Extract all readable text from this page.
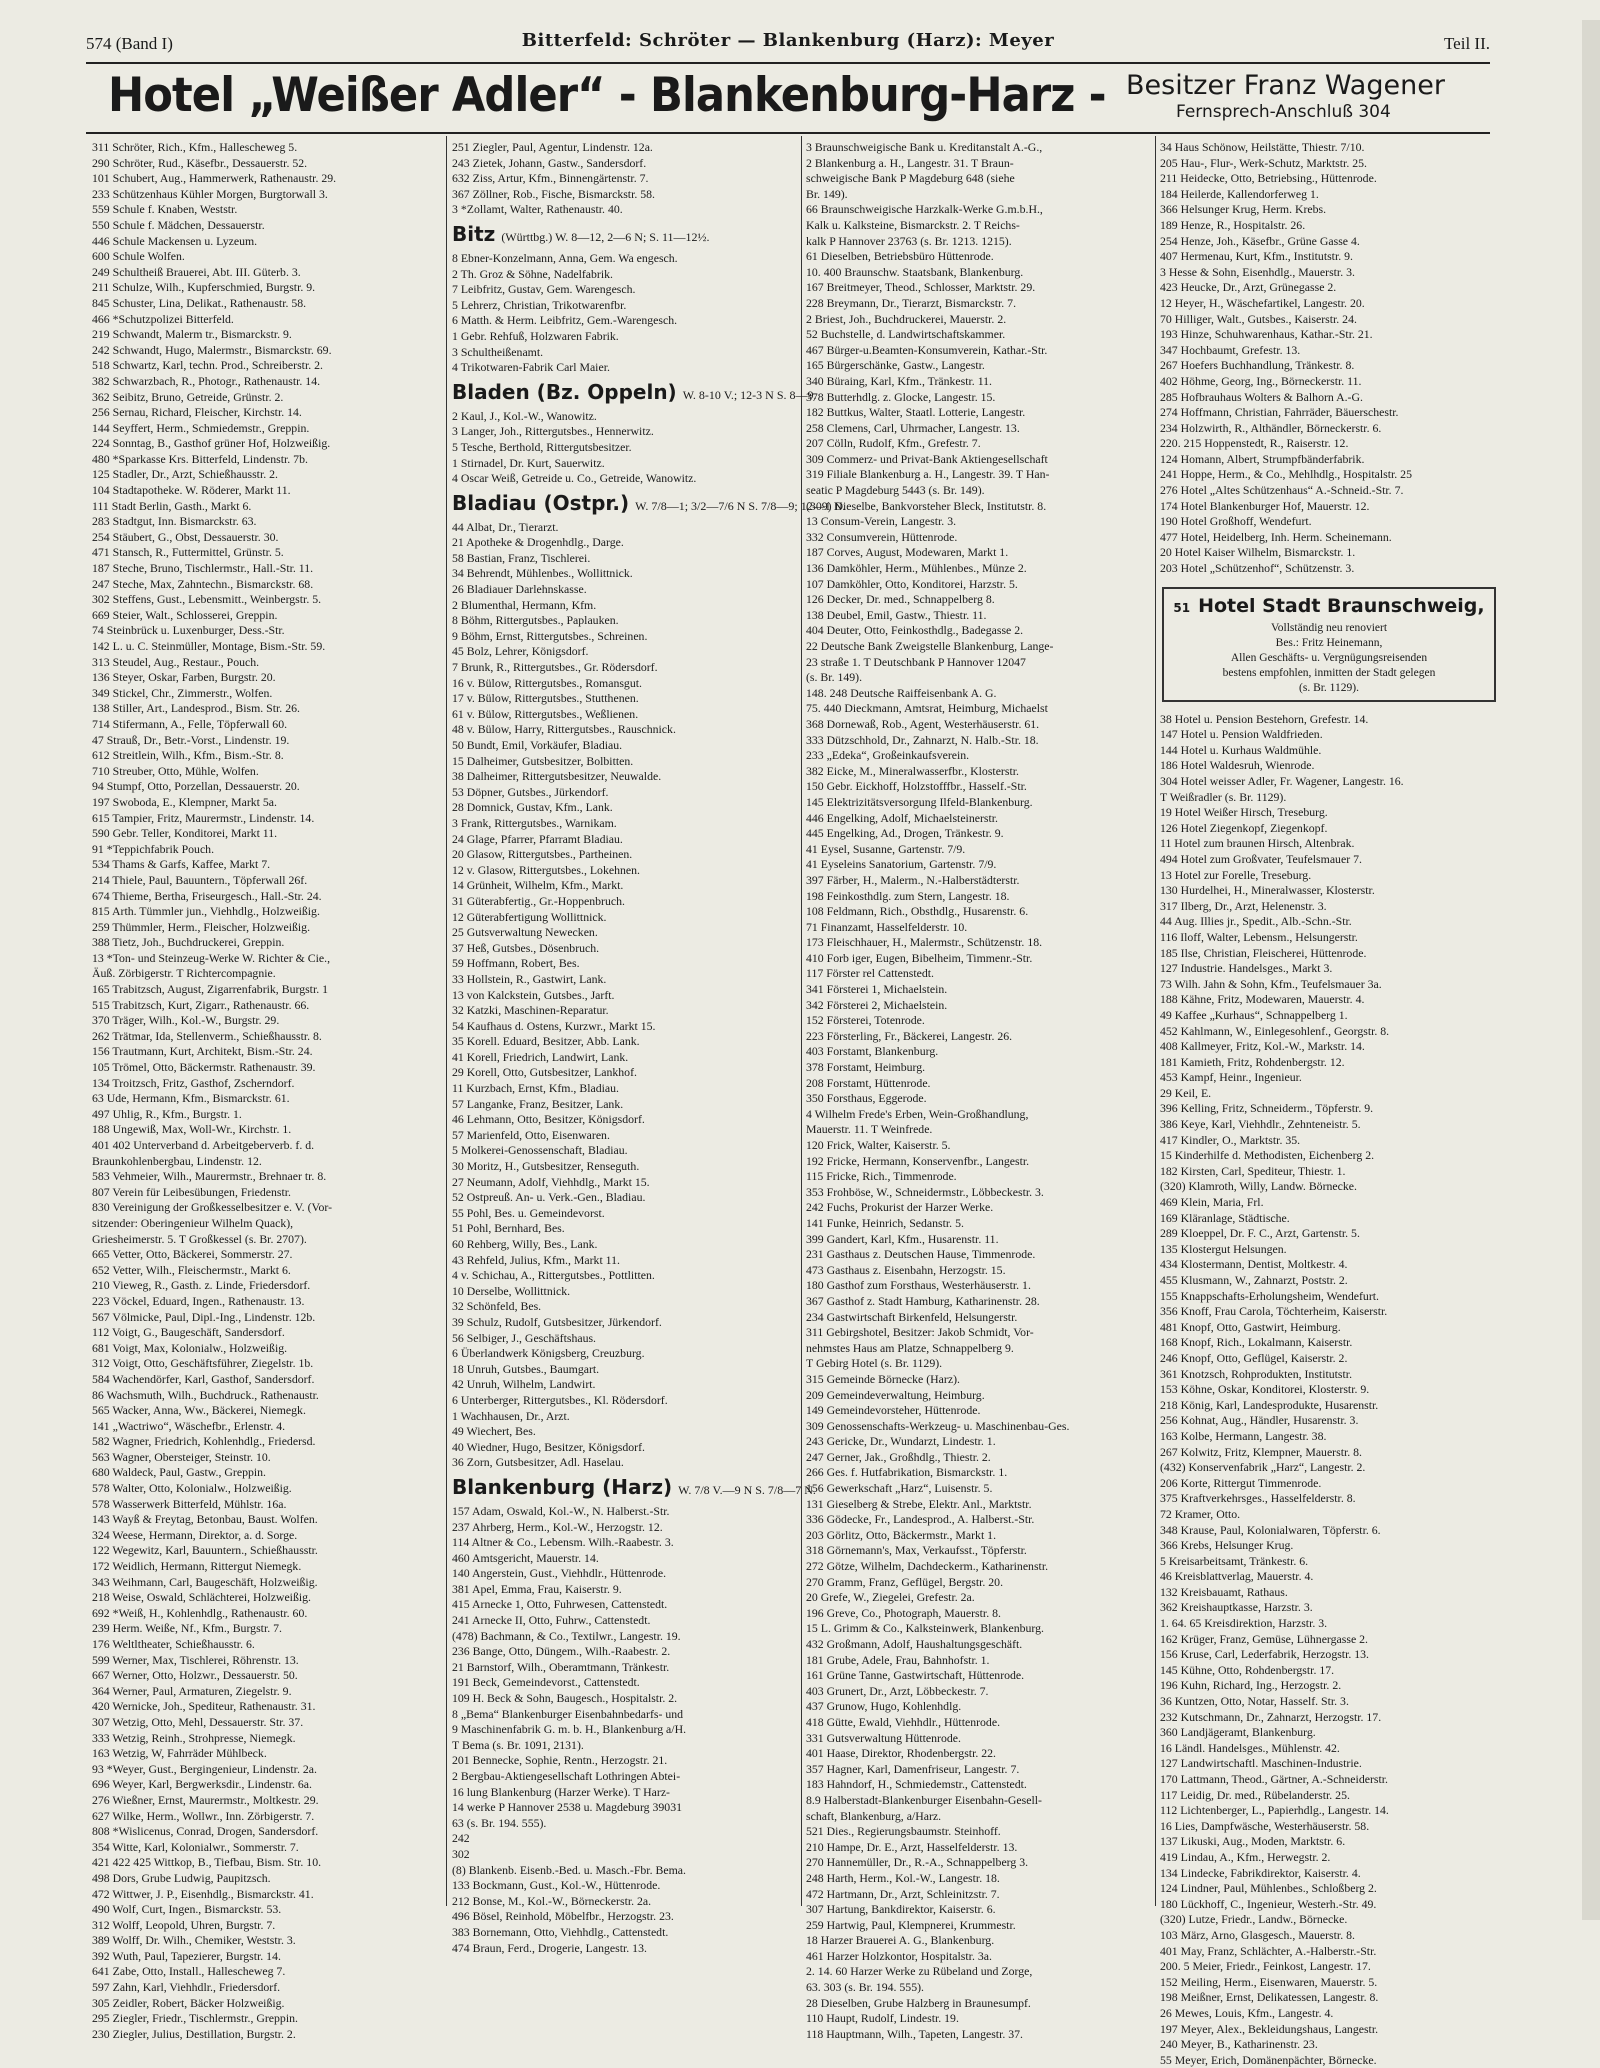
574 (Band I)	Bitterfeld: Schröter — Blankenburg (Harz): Meyer	Teil II.
Hotel „Weißer Adler“ - Blankenburg-Harz - Besitzer Franz Wagener
Fernsprech-Anschluß 304
311 Schröter, Rich., Kfm., Hallescheweg 5.
290 Schröter, Rud., Käsefbr., Dessauerstr. 52.
101 Schubert, Aug., Hammerwerk, Rathenaustr. 29.
233 Schützenhaus Kühler Morgen, Burgtorwall 3.
559 Schule f. Knaben, Weststr.
550 Schule f. Mädchen, Dessauerstr.
446 Schule Mackensen u. Lyzeum.
600 Schule Wolfen.
249 Schultheiß Brauerei, Abt. III. Güterb. 3.
211 Schulze, Wilh., Kupferschmied, Burgstr. 9.
845 Schuster, Lina, Delikat., Rathenaustr. 58.
466 *Schutzpolizei Bitterfeld.
219 Schwandt, Malerm tr., Bismarckstr. 9.
242 Schwandt, Hugo, Malermstr., Bismarckstr. 69.
518 Schwartz, Karl, techn. Prod., Schreiberstr. 2.
382 Schwarzbach, R., Photogr., Rathenaustr. 14.
362 Seibitz, Bruno, Getreide, Grünstr. 2.
256 Sernau, Richard, Fleischer, Kirchstr. 14.
144 Seyffert, Herm., Schmiedemstr., Greppin.
224 Sonntag, B., Gasthof grüner Hof, Holzweißig.
480 *Sparkasse Krs. Bitterfeld, Lindenstr. 7b.
125 Stadler, Dr., Arzt, Schießhausstr. 2.
104 Stadtapotheke. W. Röderer, Markt 11.
111 Stadt Berlin, Gasth., Markt 6.
283 Stadtgut, Inn. Bismarckstr. 63.
254 Stäubert, G., Obst, Dessauerstr. 30.
471 Stansch, R., Futtermittel, Grünstr. 5.
187 Steche, Bruno, Tischlermstr., Hall.-Str. 11.
247 Steche, Max, Zahntechn., Bismarckstr. 68.
302 Steffens, Gust., Lebensmitt., Weinbergstr. 5.
669 Steier, Walt., Schlosserei, Greppin.
74 Steinbrück u. Luxenburger, Dess.-Str.
142 L. u. C. Steinmüller, Montage, Bism.-Str. 59.
313 Steudel, Aug., Restaur., Pouch.
136 Steyer, Oskar, Farben, Burgstr. 20.
349 Stickel, Chr., Zimmerstr., Wolfen.
138 Stiller, Art., Landesprod., Bism. Str. 26.
714 Stifermann, A., Felle, Töpferwall 60.
47 Strauß, Dr., Betr.-Vorst., Lindenstr. 19.
612 Streitlein, Wilh., Kfm., Bism.-Str. 8.
710 Streuber, Otto, Mühle, Wolfen.
94 Stumpf, Otto, Porzellan, Dessauerstr. 20.
197 Swoboda, E., Klempner, Markt 5a.
615 Tampier, Fritz, Maurermstr., Lindenstr. 14.
590 Gebr. Teller, Konditorei, Markt 11.
91 *Teppichfabrik Pouch.
534 Thams & Garfs, Kaffee, Markt 7.
214 Thiele, Paul, Bauuntern., Töpferwall 26f.
674 Thieme, Bertha, Friseurgesch., Hall.-Str. 24.
815 Arth. Tümmler jun., Viehhdlg., Holzweißig.
259 Thümmler, Herm., Fleischer, Holzweißig.
388 Tietz, Joh., Buchdruckerei, Greppin.
13 *Ton- und Steinzeug-Werke W. Richter & Cie.,
Äuß. Zörbigerstr. T Richtercompagnie.
165 Trabitzsch, August, Zigarrenfabrik, Burgstr. 1
515 Trabitzsch, Kurt, Zigarr., Rathenaustr. 66.
370 Träger, Wilh., Kol.-W., Burgstr. 29.
262 Trätmar, Ida, Stellenverm., Schießhausstr. 8.
156 Trautmann, Kurt, Architekt, Bism.-Str. 24.
105 Trömel, Otto, Bäckermstr. Rathenaustr. 39.
134 Troitzsch, Fritz, Gasthof, Zscherndorf.
63 Ude, Hermann, Kfm., Bismarckstr. 61.
497 Uhlig, R., Kfm., Burgstr. 1.
188 Ungewiß, Max, Woll-Wr., Kirchstr. 1.
401 402 Unterverband d. Arbeitgeberverb. f. d.
Braunkohlenbergbau, Lindenstr. 12.
583 Vehmeier, Wilh., Maurermstr., Brehnaer tr. 8.
807 Verein für Leibesübungen, Friedenstr.
830 Vereinigung der Großkesselbesitzer e. V. (Vor-
sitzender: Oberingenieur Wilhelm Quack),
Griesheimerstr. 5. T Großkessel (s. Br. 2707).
665 Vetter, Otto, Bäckerei, Sommerstr. 27.
652 Vetter, Wilh., Fleischermstr., Markt 6.
210 Vieweg, R., Gasth. z. Linde, Friedersdorf.
223 Vöckel, Eduard, Ingen., Rathenaustr. 13.
567 Völmicke, Paul, Dipl.-Ing., Lindenstr. 12b.
112 Voigt, G., Baugeschäft, Sandersdorf.
681 Voigt, Max, Kolonialw., Holzweißig.
312 Voigt, Otto, Geschäftsführer, Ziegelstr. 1b.
584 Wachendörfer, Karl, Gasthof, Sandersdorf.
86 Wachsmuth, Wilh., Buchdruck., Rathenaustr.
565 Wacker, Anna, Ww., Bäckerei, Niemegk.
141 „Wactriwo“, Wäschefbr., Erlenstr. 4.
582 Wagner, Friedrich, Kohlenhdlg., Friedersd.
563 Wagner, Obersteiger, Steinstr. 10.
680 Waldeck, Paul, Gastw., Greppin.
578 Walter, Otto, Kolonialw., Holzweißig.
578 Wasserwerk Bitterfeld, Mühlstr. 16a.
143 Wayß & Freytag, Betonbau, Baust. Wolfen.
324 Weese, Hermann, Direktor, a. d. Sorge.
122 Wegewitz, Karl, Bauuntern., Schießhausstr.
172 Weidlich, Hermann, Rittergut Niemegk.
343 Weihmann, Carl, Baugeschäft, Holzweißig.
218 Weise, Oswald, Schlächterei, Holzweißig.
692 *Weiß, H., Kohlenhdlg., Rathenaustr. 60.
239 Herm. Weiße, Nf., Kfm., Burgstr. 7.
176 Weltltheater, Schießhausstr. 6.
599 Werner, Max, Tischlerei, Röhrenstr. 13.
667 Werner, Otto, Holzwr., Dessauerstr. 50.
364 Werner, Paul, Armaturen, Ziegelstr. 9.
420 Wernicke, Joh., Spediteur, Rathenaustr. 31.
307 Wetzig, Otto, Mehl, Dessauerstr. Str. 37.
333 Wetzig, Reinh., Strohpresse, Niemegk.
163 Wetzig, W, Fahrräder Mühlbeck.
93 *Weyer, Gust., Bergingenieur, Lindenstr. 2a.
696 Weyer, Karl, Bergwerksdir., Lindenstr. 6a.
276 Wießner, Ernst, Maurermstr., Moltkestr. 29.
627 Wilke, Herm., Wollwr., Inn. Zörbigerstr. 7.
808 *Wislicenus, Conrad, Drogen, Sandersdorf.
354 Witte, Karl, Kolonialwr., Sommerstr. 7.
421 422 425 Wittkop, B., Tiefbau, Bism. Str. 10.
498 Dors, Grube Ludwig, Paupitzsch.
472 Wittwer, J. P., Eisenhdlg., Bismarckstr. 41.
490 Wolf, Curt, Ingen., Bismarckstr. 53.
312 Wolff, Leopold, Uhren, Burgstr. 7.
389 Wolff, Dr. Wilh., Chemiker, Weststr. 3.
392 Wuth, Paul, Tapezierer, Burgstr. 14.
641 Zabe, Otto, Install., Hallescheweg 7.
597 Zahn, Karl, Viehhdlr., Friedersdorf.
305 Zeidler, Robert, Bäcker Holzweißig.
295 Ziegler, Friedr., Tischlermstr., Greppin.
230 Ziegler, Julius, Destillation, Burgstr. 2.
251 Ziegler, Paul, Agentur, Lindenstr. 12a.
243 Zietek, Johann, Gastw., Sandersdorf.
632 Ziss, Artur, Kfm., Binnengärtenstr. 7.
367 Zöllner, Rob., Fische, Bismarckstr. 58.
3 *Zollamt, Walter, Rathenaustr. 40.
Bitz (Württbg.) W. 8—12, 2—6 N; S. 11—12½.
8 Ebner-Konzelmann, Anna, Gem. Wa engesch.
2 Th. Groz & Söhne, Nadelfabrik.
7 Leibfritz, Gustav, Gem. Warengesch.
5 Lehrerz, Christian, Trikotwarenfbr.
6 Matth. & Herm. Leibfritz, Gem.-Warengesch.
1 Gebr. Rehfuß, Holzwaren Fabrik.
3 Schultheißenamt.
4 Trikotwaren-Fabrik Carl Maier.
Bladen (Bz. Oppeln) W. 8-10 V.; 12-3 N S. 8—9.
2 Kaul, J., Kol.-W., Wanowitz.
3 Langer, Joh., Rittergutsbes., Hennerwitz.
5 Tesche, Berthold, Rittergutsbesitzer.
1 Stirnadel, Dr. Kurt, Sauerwitz.
4 Oscar Weiß, Getreide u. Co., Getreide, Wanowitz.
Bladiau (Ostpr.) W. 7/8—1; 3/2—7/6 N S. 7/8—9; 12—1 N.
44 Albat, Dr., Tierarzt.
21 Apotheke & Drogenhdlg., Darge.
58 Bastian, Franz, Tischlerei.
34 Behrendt, Mühlenbes., Wollittnick.
26 Bladiauer Darlehnskasse.
2 Blumenthal, Hermann, Kfm.
8 Böhm, Rittergutsbes., Paplauken.
9 Böhm, Ernst, Rittergutsbes., Schreinen.
45 Bolz, Lehrer, Königsdorf.
7 Brunk, R., Rittergutsbes., Gr. Rödersdorf.
16 v. Bülow, Rittergutsbes., Romansgut.
17 v. Bülow, Rittergutsbes., Stutthenen.
61 v. Bülow, Rittergutsbes., Weßlienen.
48 v. Bülow, Harry, Rittergutsbes., Rauschnick.
50 Bundt, Emil, Vorkäufer, Bladiau.
15 Dalheimer, Gutsbesitzer, Bolbitten.
38 Dalheimer, Rittergutsbesitzer, Neuwalde.
53 Döpner, Gutsbes., Jürkendorf.
28 Domnick, Gustav, Kfm., Lank.
3 Frank, Rittergutsbes., Warnikam.
24 Glage, Pfarrer, Pfarramt Bladiau.
20 Glasow, Rittergutsbes., Partheinen.
12 v. Glasow, Rittergutsbes., Lokehnen.
14 Grünheit, Wilhelm, Kfm., Markt.
31 Güterabfertig., Gr.-Hoppenbruch.
12 Güterabfertigung Wollittnick.
25 Gutsverwaltung Newecken.
37 Heß, Gutsbes., Dösenbruch.
59 Hoffmann, Robert, Bes.
33 Hollstein, R., Gastwirt, Lank.
13 von Kalckstein, Gutsbes., Jarft.
32 Katzki, Maschinen-Reparatur.
54 Kaufhaus d. Ostens, Kurzwr., Markt 15.
35 Korell. Eduard, Besitzer, Abb. Lank.
41 Korell, Friedrich, Landwirt, Lank.
29 Korell, Otto, Gutsbesitzer, Lankhof.
11 Kurzbach, Ernst, Kfm., Bladiau.
57 Langanke, Franz, Besitzer, Lank.
46 Lehmann, Otto, Besitzer, Königsdorf.
57 Marienfeld, Otto, Eisenwaren.
5 Molkerei-Genossenschaft, Bladiau.
30 Moritz, H., Gutsbesitzer, Renseguth.
27 Neumann, Adolf, Viehhdlg., Markt 15.
52 Ostpreuß. An- u. Verk.-Gen., Bladiau.
55 Pohl, Bes. u. Gemeindevorst.
51 Pohl, Bernhard, Bes.
60 Rehberg, Willy, Bes., Lank.
43 Rehfeld, Julius, Kfm., Markt 11.
4 v. Schichau, A., Rittergutsbes., Pottlitten.
10 Derselbe, Wollittnick.
32 Schönfeld, Bes.
39 Schulz, Rudolf, Gutsbesitzer, Jürkendorf.
56 Selbiger, J., Geschäftshaus.
6 Überlandwerk Königsberg, Creuzburg.
18 Unruh, Gutsbes., Baumgart.
42 Unruh, Wilhelm, Landwirt.
6 Unterberger, Rittergutsbes., Kl. Rödersdorf.
1 Wachhausen, Dr., Arzt.
49 Wiechert, Bes.
40 Wiedner, Hugo, Besitzer, Königsdorf.
36 Zorn, Gutsbesitzer, Adl. Haselau.
Blankenburg (Harz) W. 7/8 V.—9 N S. 7/8—7 N.
157 Adam, Oswald, Kol.-W., N. Halberst.-Str.
237 Ahrberg, Herm., Kol.-W., Herzogstr. 12.
114 Altner & Co., Lebensm. Wilh.-Raabestr. 3.
460 Amtsgericht, Mauerstr. 14.
140 Angerstein, Gust., Viehhdlr., Hüttenrode.
381 Apel, Emma, Frau, Kaiserstr. 9.
415 Arnecke 1, Otto, Fuhrwesen, Cattenstedt.
241 Arnecke II, Otto, Fuhrw., Cattenstedt.
(478) Bachmann, & Co., Textilwr., Langestr. 19.
236 Bange, Otto, Düngem., Wilh.-Raabestr. 2.
21 Barnstorf, Wilh., Oberamtmann, Tränkestr.
191 Beck, Gemeindevorst., Cattenstedt.
109 H. Beck & Sohn, Baugesch., Hospitalstr. 2.
8 „Bema“ Blankenburger Eisenbahnbedarfs- und
9 Maschinenfabrik G. m. b. H., Blankenburg a/H.
T Bema (s. Br. 1091, 2131).
201 Bennecke, Sophie, Rentn., Herzogstr. 21.
2 Bergbau-Aktiengesellschaft Lothringen Abtei-
16 lung Blankenburg (Harzer Werke). T Harz-
14 werke P Hannover 2538 u. Magdeburg 39031
63 (s. Br. 194. 555).
242
302
(8) Blankenb. Eisenb.-Bed. u. Masch.-Fbr. Bema.
133 Bockmann, Gust., Kol.-W., Hüttenrode.
212 Bonse, M., Kol.-W., Börneckerstr. 2a.
496 Bösel, Reinhold, Möbelfbr., Herzogstr. 23.
383 Bornemann, Otto, Viehhdlg., Cattenstedt.
474 Braun, Ferd., Drogerie, Langestr. 13.
3 Braunschweigische Bank u. Kreditanstalt A.-G.,
2 Blankenburg a. H., Langestr. 31. T Braun-
schweigische Bank P Magdeburg 648 (siehe
Br. 149).
66 Braunschweigische Harzkalk-Werke G.m.b.H.,
Kalk u. Kalksteine, Bismarckstr. 2. T Reichs-
kalk P Hannover 23763 (s. Br. 1213. 1215).
61 Dieselben, Betriebsbüro Hüttenrode.
10. 400 Braunschw. Staatsbank, Blankenburg.
167 Breitmeyer, Theod., Schlosser, Marktstr. 29.
228 Breymann, Dr., Tierarzt, Bismarckstr. 7.
2 Briest, Joh., Buchdruckerei, Mauerstr. 2.
52 Buchstelle, d. Landwirtschaftskammer.
467 Bürger-u.Beamten-Konsumverein, Kathar.-Str.
165 Bürgerschänke, Gastw., Langestr.
340 Büraing, Karl, Kfm., Tränkestr. 11.
378 Butterhdlg. z. Glocke, Langestr. 15.
182 Buttkus, Walter, Staatl. Lotterie, Langestr.
258 Clemens, Carl, Uhrmacher, Langestr. 13.
207 Cölln, Rudolf, Kfm., Grefestr. 7.
309 Commerz- und Privat-Bank Aktiengesellschaft
319 Filiale Blankenburg a. H., Langestr. 39. T Han-
seatic P Magdeburg 5443 (s. Br. 149).
(309) Dieselbe, Bankvorsteher Bleck, Institutstr. 8.
13 Consum-Verein, Langestr. 3.
332 Consumverein, Hüttenrode.
187 Corves, August, Modewaren, Markt 1.
136 Damköhler, Herm., Mühlenbes., Münze 2.
107 Damköhler, Otto, Konditorei, Harzstr. 5.
126 Decker, Dr. med., Schnappelberg 8.
138 Deubel, Emil, Gastw., Thiestr. 11.
404 Deuter, Otto, Feinkosthdlg., Badegasse 2.
22 Deutsche Bank Zweigstelle Blankenburg, Lange-
23 straße 1. T Deutschbank P Hannover 12047
(s. Br. 149).
148. 248 Deutsche Raiffeisenbank A. G.
75. 440 Dieckmann, Amtsrat, Heimburg, Michaelst
368 Dornewaß, Rob., Agent, Westerhäuserstr. 61.
333 Dützschhold, Dr., Zahnarzt, N. Halb.-Str. 18.
233 „Edeka“, Großeinkaufsverein.
382 Eicke, M., Mineralwasserfbr., Klosterstr.
150 Gebr. Eickhoff, Holzstofffbr., Hasself.-Str.
145 Elektrizitätsversorgung Ilfeld-Blankenburg.
446 Engelking, Adolf, Michaelsteinerstr.
445 Engelking, Ad., Drogen, Tränkestr. 9.
41 Eysel, Susanne, Gartenstr. 7/9.
41 Eyseleins Sanatorium, Gartenstr. 7/9.
397 Färber, H., Malerm., N.-Halberstädterstr.
198 Feinkosthdlg. zum Stern, Langestr. 18.
108 Feldmann, Rich., Obsthdlg., Husarenstr. 6.
71 Finanzamt, Hasselfelderstr. 10.
173 Fleischhauer, H., Malermstr., Schützenstr. 18.
410 Forb iger, Eugen, Bibelheim, Timmenr.-Str.
117 Förster rel Cattenstedt.
341 Försterei 1, Michaelstein.
342 Försterei 2, Michaelstein.
152 Försterei, Totenrode.
223 Försterling, Fr., Bäckerei, Langestr. 26.
403 Forstamt, Blankenburg.
378 Forstamt, Heimburg.
208 Forstamt, Hüttenrode.
350 Forsthaus, Eggerode.
4 Wilhelm Frede's Erben, Wein-Großhandlung,
Mauerstr. 11. T Weinfrede.
120 Frick, Walter, Kaiserstr. 5.
192 Fricke, Hermann, Konservenfbr., Langestr.
115 Fricke, Rich., Timmenrode.
353 Frohböse, W., Schneidermstr., Löbbeckestr. 3.
242 Fuchs, Prokurist der Harzer Werke.
141 Funke, Heinrich, Sedanstr. 5.
399 Gandert, Karl, Kfm., Husarenstr. 11.
231 Gasthaus z. Deutschen Hause, Timmenrode.
473 Gasthaus z. Eisenbahn, Herzogstr. 15.
180 Gasthof zum Forsthaus, Westerhäuserstr. 1.
367 Gasthof z. Stadt Hamburg, Katharinenstr. 28.
234 Gastwirtschaft Birkenfeld, Helsungerstr.
311 Gebirgshotel, Besitzer: Jakob Schmidt, Vor-
nehmstes Haus am Platze, Schnappelberg 9.
T Gebirg Hotel (s. Br. 1129).
315 Gemeinde Börnecke (Harz).
209 Gemeindeverwaltung, Heimburg.
149 Gemeindevorsteher, Hüttenrode.
309 Genossenschafts-Werkzeug- u. Maschinenbau-Ges.
243 Gericke, Dr., Wundarzt, Lindestr. 1.
247 Gerner, Jak., Großhdlg., Thiestr. 2.
266 Ges. f. Hutfabrikation, Bismarckstr. 1.
156 Gewerkschaft „Harz“, Luisenstr. 5.
131 Gieselberg & Strebe, Elektr. Anl., Marktstr.
336 Gödecke, Fr., Landesprod., A. Halberst.-Str.
203 Görlitz, Otto, Bäckermstr., Markt 1.
318 Görnemann's, Max, Verkaufsst., Töpferstr.
272 Götze, Wilhelm, Dachdeckerm., Katharinenstr.
270 Gramm, Franz, Geflügel, Bergstr. 20.
20 Grefe, W., Ziegelei, Grefestr. 2a.
196 Greve, Co., Photograph, Mauerstr. 8.
15 L. Grimm & Co., Kalksteinwerk, Blankenburg.
432 Großmann, Adolf, Haushaltungsgeschäft.
181 Grube, Adele, Frau, Bahnhofstr. 1.
161 Grüne Tanne, Gastwirtschaft, Hüttenrode.
403 Grunert, Dr., Arzt, Löbbeckestr. 7.
437 Grunow, Hugo, Kohlenhdlg.
418 Gütte, Ewald, Viehhdlr., Hüttenrode.
331 Gutsverwaltung Hüttenrode.
401 Haase, Direktor, Rhodenbergstr. 22.
357 Hagner, Karl, Damenfriseur, Langestr. 7.
183 Hahndorf, H., Schmiedemstr., Cattenstedt.
8.9 Halberstadt-Blankenburger Eisenbahn-Gesell-
schaft, Blankenburg, a/Harz.
521 Dies., Regierungsbaumstr. Steinhoff.
210 Hampe, Dr. E., Arzt, Hasselfelderstr. 13.
270 Hannemüller, Dr., R.-A., Schnappelberg 3.
248 Harth, Herm., Kol.-W., Langestr. 18.
472 Hartmann, Dr., Arzt, Schleinitzstr. 7.
307 Hartung, Bankdirektor, Kaiserstr. 6.
259 Hartwig, Paul, Klempnerei, Krummestr.
18 Harzer Brauerei A. G., Blankenburg.
461 Harzer Holzkontor, Hospitalstr. 3a.
2. 14. 60 Harzer Werke zu Rübeland und Zorge,
63. 303 (s. Br. 194. 555).
28 Dieselben, Grube Halzberg in Braunesumpf.
110 Haupt, Rudolf, Lindestr. 19.
118 Hauptmann, Wilh., Tapeten, Langestr. 37.
34 Haus Schönow, Heilstätte, Thiestr. 7/10.
205 Hau-, Flur-, Werk-Schutz, Marktstr. 25.
211 Heidecke, Otto, Betriebsing., Hüttenrode.
184 Heilerde, Kallendorferweg 1.
366 Helsunger Krug, Herm. Krebs.
189 Henze, R., Hospitalstr. 26.
254 Henze, Joh., Käsefbr., Grüne Gasse 4.
407 Hermenau, Kurt, Kfm., Institutstr. 9.
3 Hesse & Sohn, Eisenhdlg., Mauerstr. 3.
423 Heucke, Dr., Arzt, Grünegasse 2.
12 Heyer, H., Wäschefartikel, Langestr. 20.
70 Hilliger, Walt., Gutsbes., Kaiserstr. 24.
193 Hinze, Schuhwarenhaus, Kathar.-Str. 21.
347 Hochbaumt, Grefestr. 13.
267 Hoefers Buchhandlung, Tränkestr. 8.
402 Höhme, Georg, Ing., Börneckerstr. 11.
285 Hofbrauhaus Wolters & Balhorn A.-G.
274 Hoffmann, Christian, Fahrräder, Bäuerschestr.
234 Holzwirth, R., Althändler, Börneckerstr. 6.
220. 215 Hoppenstedt, R., Raiserstr. 12.
124 Homann, Albert, Strumpfbänderfabrik.
241 Hoppe, Herm., & Co., Mehlhdlg., Hospitalstr. 25
276 Hotel „Altes Schützenhaus“ A.-Schneid.-Str. 7.
174 Hotel Blankenburger Hof, Mauerstr. 12.
190 Hotel Großhoff, Wendefurt.
477 Hotel, Heidelberg, Inh. Herm. Scheinemann.
20 Hotel Kaiser Wilhelm, Bismarckstr. 1.
203 Hotel „Schützenhof“, Schützenstr. 3.
51 Hotel Stadt Braunschweig,
Vollständig neu renoviert
Bes.: Fritz Heinemann,
Allen Geschäfts- u. Vergnügungsreisenden
bestens empfohlen, inmitten der Stadt gelegen
(s. Br. 1129).
38 Hotel u. Pension Bestehorn, Grefestr. 14.
147 Hotel u. Pension Waldfrieden.
144 Hotel u. Kurhaus Waldmühle.
186 Hotel Waldesruh, Wienrode.
304 Hotel weisser Adler, Fr. Wagener, Langestr. 16.
T Weißradler (s. Br. 1129).
19 Hotel Weißer Hirsch, Treseburg.
126 Hotel Ziegenkopf, Ziegenkopf.
11 Hotel zum braunen Hirsch, Altenbrak.
494 Hotel zum Großvater, Teufelsmauer 7.
13 Hotel zur Forelle, Treseburg.
130 Hurdelhei, H., Mineralwasser, Klosterstr.
317 Ilberg, Dr., Arzt, Helenenstr. 3.
44 Aug. Illies jr., Spedit., Alb.-Schn.-Str.
116 Iloff, Walter, Lebensm., Helsungerstr.
185 Ilse, Christian, Fleischerei, Hüttenrode.
127 Industrie. Handelsges., Markt 3.
73 Wilh. Jahn & Sohn, Kfm., Teufelsmauer 3a.
188 Kähne, Fritz, Modewaren, Mauerstr. 4.
49 Kaffee „Kurhaus“, Schnappelberg 1.
452 Kahlmann, W., Einlegesohlenf., Georgstr. 8.
408 Kallmeyer, Fritz, Kol.-W., Markstr. 14.
181 Kamieth, Fritz, Rohdenbergstr. 12.
453 Kampf, Heinr., Ingenieur.
29 Keil, E.
396 Kelling, Fritz, Schneiderm., Töpferstr. 9.
386 Keye, Karl, Viehhdlr., Zehnteneistr. 5.
417 Kindler, O., Marktstr. 35.
15 Kinderhilfe d. Methodisten, Eichenberg 2.
182 Kirsten, Carl, Spediteur, Thiestr. 1.
(320) Klamroth, Willy, Landw. Börnecke.
469 Klein, Maria, Frl.
169 Kläranlage, Städtische.
289 Kloeppel, Dr. F. C., Arzt, Gartenstr. 5.
135 Klostergut Helsungen.
434 Klostermann, Dentist, Moltkestr. 4.
455 Klusmann, W., Zahnarzt, Poststr. 2.
155 Knappschafts-Erholungsheim, Wendefurt.
356 Knoff, Frau Carola, Töchterheim, Kaiserstr.
481 Knopf, Otto, Gastwirt, Heimburg.
168 Knopf, Rich., Lokalmann, Kaiserstr.
246 Knopf, Otto, Geflügel, Kaiserstr. 2.
361 Knotzsch, Rohprodukten, Institutstr.
153 Köhne, Oskar, Konditorei, Klosterstr. 9.
218 König, Karl, Landesprodukte, Husarenstr.
256 Kohnat, Aug., Händler, Husarenstr. 3.
163 Kolbe, Hermann, Langestr. 38.
267 Kolwitz, Fritz, Klempner, Mauerstr. 8.
(432) Konservenfabrik „Harz“, Langestr. 2.
206 Korte, Rittergut Timmenrode.
375 Kraftverkehrsges., Hasselfelderstr. 8.
72 Kramer, Otto.
348 Krause, Paul, Kolonialwaren, Töpferstr. 6.
366 Krebs, Helsunger Krug.
5 Kreisarbeitsamt, Tränkestr. 6.
46 Kreisblattverlag, Mauerstr. 4.
132 Kreisbauamt, Rathaus.
362 Kreishauptkasse, Harzstr. 3.
1. 64. 65 Kreisdirektion, Harzstr. 3.
162 Krüger, Franz, Gemüse, Lühnergasse 2.
156 Kruse, Carl, Lederfabrik, Herzogstr. 13.
145 Kühne, Otto, Rohdenbergstr. 17.
196 Kuhn, Richard, Ing., Herzogstr. 2.
36 Kuntzen, Otto, Notar, Hasself. Str. 3.
232 Kutschmann, Dr., Zahnarzt, Herzogstr. 17.
360 Landjägeramt, Blankenburg.
16 Ländl. Handelsges., Mühlenstr. 42.
127 Landwirtschaftl. Maschinen-Industrie.
170 Lattmann, Theod., Gärtner, A.-Schneiderstr.
117 Leidig, Dr. med., Rübelanderstr. 25.
112 Lichtenberger, L., Papierhdlg., Langestr. 14.
16 Lies, Dampfwäsche, Westerhäuserstr. 58.
137 Likuski, Aug., Moden, Marktstr. 6.
419 Lindau, A., Kfm., Herwegstr. 2.
134 Lindecke, Fabrikdirektor, Kaiserstr. 4.
124 Lindner, Paul, Mühlenbes., Schloßberg 2.
180 Lückhoff, C., Ingenieur, Westerh.-Str. 49.
(320) Lutze, Friedr., Landw., Börnecke.
103 März, Arno, Glasgesch., Mauerstr. 8.
401 May, Franz, Schlächter, A.-Halberstr.-Str.
200. 5 Meier, Friedr., Feinkost, Langestr. 17.
152 Meiling, Herm., Eisenwaren, Mauerstr. 5.
198 Meißner, Ernst, Delikatessen, Langestr. 8.
26 Mewes, Louis, Kfm., Langestr. 4.
197 Meyer, Alex., Bekleidungshaus, Langestr.
240 Meyer, B., Katharinenstr. 23.
55 Meyer, Erich, Domänenpächter, Börnecke.
